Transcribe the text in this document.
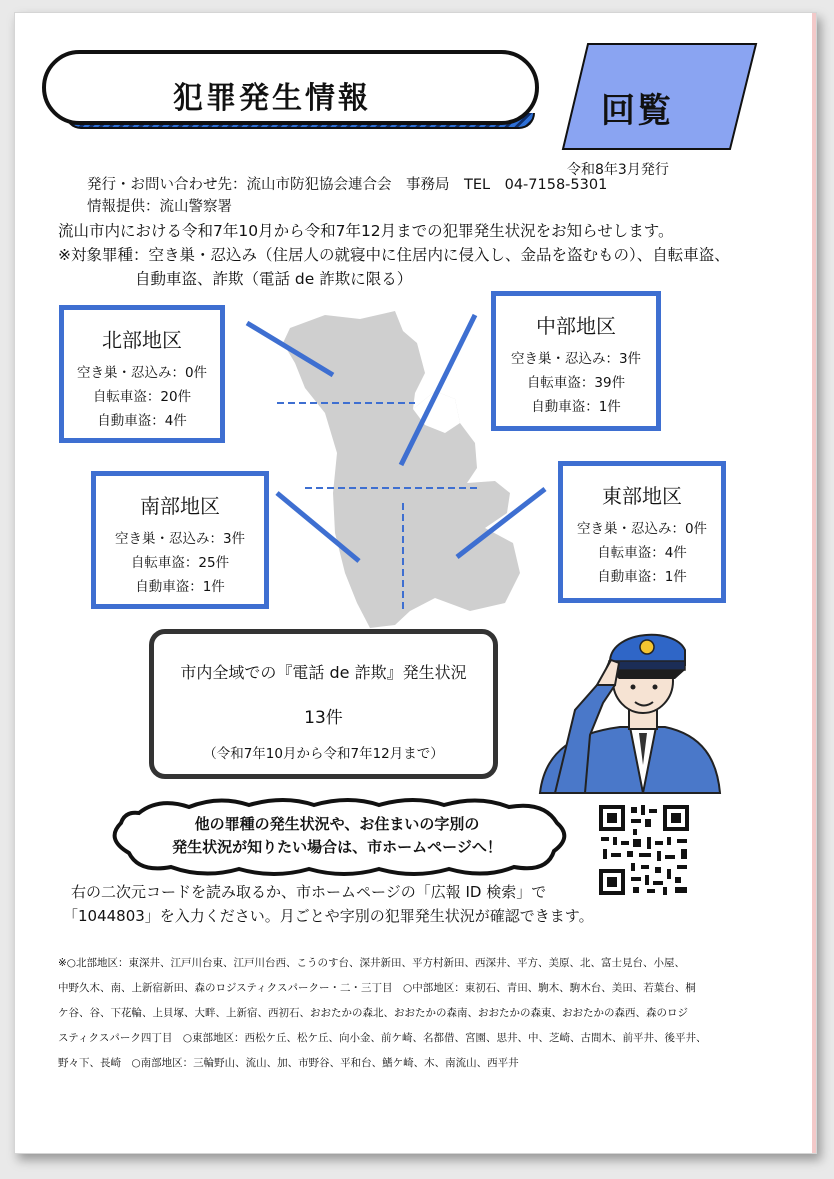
犯罪発生情報	回覧
令和8年3月発行
発行・お問い合わせ先：流山市防犯協会連合会　事務局　TEL　04-7158-5301
情報提供：流山警察署
流山市内における令和7年10月から令和7年12月までの犯罪発生状況をお知らせします。
※対象罪種：空き巣・忍込み（住居人の就寝中に住居内に侵入し、金品を盗むもの）、自転車盗、
自動車盗、詐欺（電話 de 詐欺に限る）
北部地区
空き巣・忍込み：0件
自転車盗：20件
自動車盗：4件
中部地区
空き巣・忍込み：3件
自転車盗：39件
自動車盗：1件
南部地区
空き巣・忍込み：3件
自転車盗：25件
自動車盗：1件
東部地区
空き巣・忍込み：0件
自転車盗：4件
自動車盗：1件
市内全域での『電話 de 詐欺』発生状況
13件
（令和7年10月から令和7年12月まで）
他の罪種の発生状況や、お住まいの字別の
発生状況が知りたい場合は、市ホームページへ！
右の二次元コードを読み取るか、市ホームページの「広報 ID 検索」で
「1044803」を入力ください。月ごとや字別の犯罪発生状況が確認できます。
※○北部地区：東深井、江戸川台東、江戸川台西、こうのす台、深井新田、平方村新田、西深井、平方、美原、北、富士見台、小屋、
中野久木、南、上新宿新田、森のロジスティクスパークー・二・三丁目　○中部地区：東初石、青田、駒木、駒木台、美田、若葉台、桐
ケ谷、谷、下花輪、上貝塚、大畔、上新宿、西初石、おおたかの森北、おおたかの森南、おおたかの森東、おおたかの森西、森のロジ
スティクスパーク四丁目　○東部地区：西松ケ丘、松ケ丘、向小金、前ケ崎、名都借、宮園、思井、中、芝崎、古間木、前平井、後平井、
野々下、長崎　○南部地区：三輪野山、流山、加、市野谷、平和台、鰭ケ崎、木、南流山、西平井
